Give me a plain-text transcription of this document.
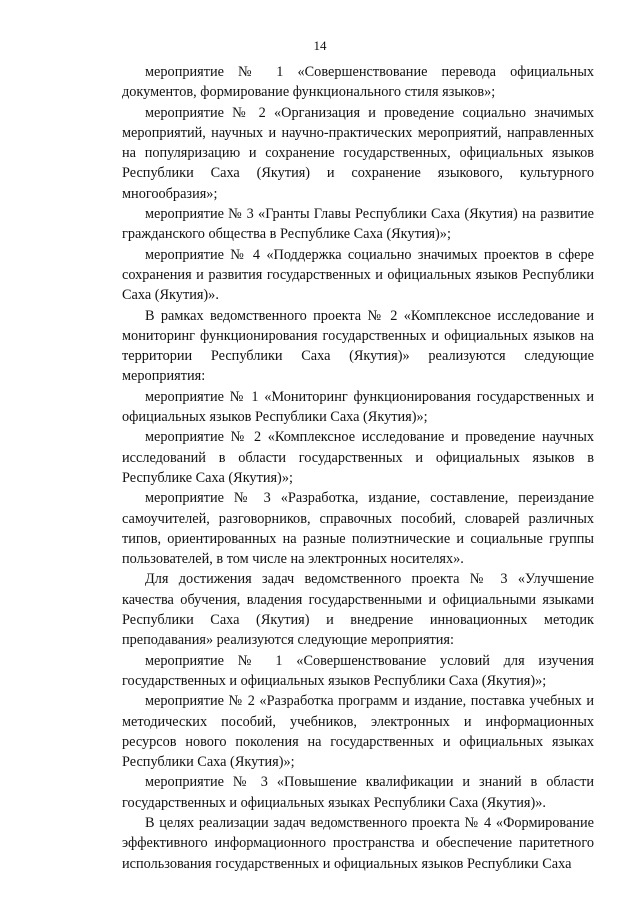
14

мероприятие № 1 «Совершенствование перевода официальных документов, формирование функционального стиля языков»;

мероприятие № 2 «Организация и проведение социально значимых мероприятий, научных и научно-практических мероприятий, направленных на популяризацию и сохранение государственных, официальных языков Республики Саха (Якутия) и сохранение языкового, культурного многообразия»;

мероприятие № 3 «Гранты Главы Республики Саха (Якутия) на развитие гражданского общества в Республике Саха (Якутия)»;

мероприятие № 4 «Поддержка социально значимых проектов в сфере сохранения и развития государственных и официальных языков Республики Саха (Якутия)».

В рамках ведомственного проекта № 2 «Комплексное исследование и мониторинг функционирования государственных и официальных языков на территории Республики Саха (Якутия)» реализуются следующие мероприятия:

мероприятие № 1 «Мониторинг функционирования государственных и официальных языков Республики Саха (Якутия)»;

мероприятие № 2 «Комплексное исследование и проведение научных исследований в области государственных и официальных языков в Республике Саха (Якутия)»;

мероприятие № 3 «Разработка, издание, составление, переиздание самоучителей, разговорников, справочных пособий, словарей различных типов, ориентированных на разные полиэтнические и социальные группы пользователей, в том числе на электронных носителях».

Для достижения задач ведомственного проекта № 3 «Улучшение качества обучения, владения государственными и официальными языками Республики Саха (Якутия) и внедрение инновационных методик преподавания» реализуются следующие мероприятия:

мероприятие № 1 «Совершенствование условий для изучения государственных и официальных языков Республики Саха (Якутия)»;

мероприятие № 2 «Разработка программ и издание, поставка учебных и методических пособий, учебников, электронных и информационных ресурсов нового поколения на государственных и официальных языках Республики Саха (Якутия)»;

мероприятие № 3 «Повышение квалификации и знаний в области государственных и официальных языках Республики Саха (Якутия)».

В целях реализации задач ведомственного проекта № 4 «Формирование эффективного информационного пространства и обеспечение паритетного использования государственных и официальных языков Республики Саха
